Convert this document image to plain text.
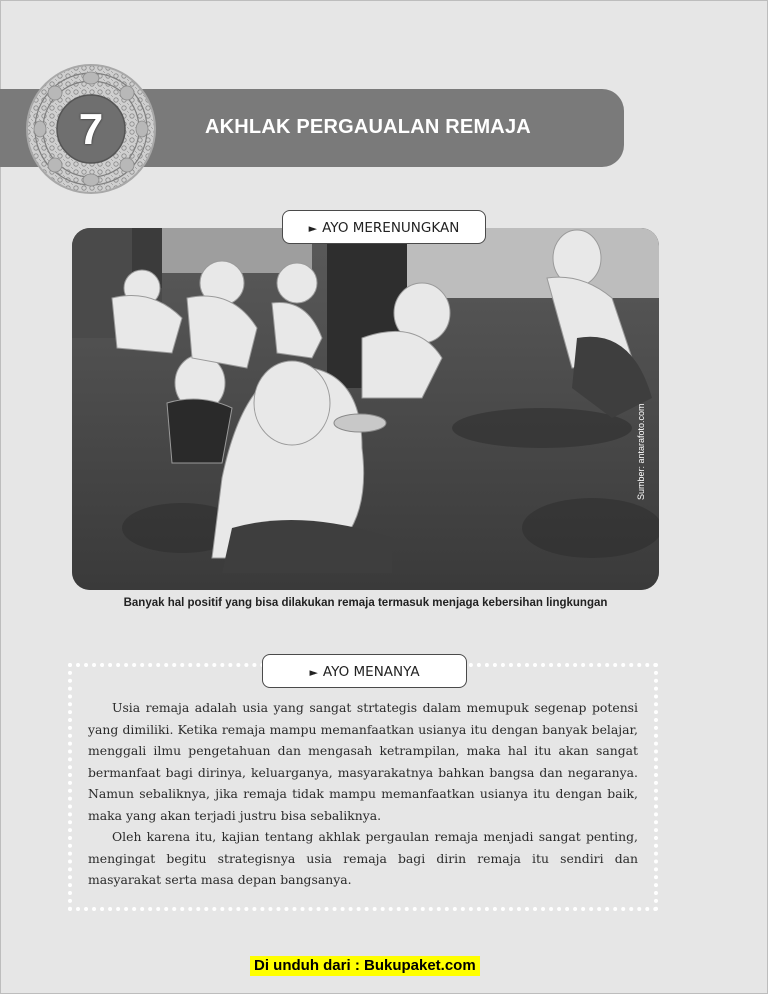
7	AKHLAK PERGAUALAN REMAJA
Sumber: antarafoto.com
► AYO MERENUNGKAN
Banyak hal positif yang bisa dilakukan remaja termasuk menjaga kebersihan lingkungan
► AYO MENANYA

Usia remaja adalah usia yang sangat strtategis dalam memupuk segenap potensi yang dimiliki. Ketika remaja mampu memanfaatkan usianya itu dengan banyak belajar, menggali ilmu pengetahuan dan mengasah ketrampilan, maka hal itu akan sangat bermanfaat bagi dirinya, keluarganya, masyarakatnya bahkan bangsa dan negaranya. Namun sebaliknya, jika remaja tidak mampu memanfaatkan usianya itu dengan baik, maka yang akan terjadi justru bisa sebaliknya.

Oleh karena itu, kajian tentang akhlak pergaulan remaja menjadi sangat penting, mengingat begitu strategisnya usia remaja bagi dirin remaja itu sendiri dan masyarakat serta masa depan bangsanya.

Di unduh dari : Bukupaket.com
